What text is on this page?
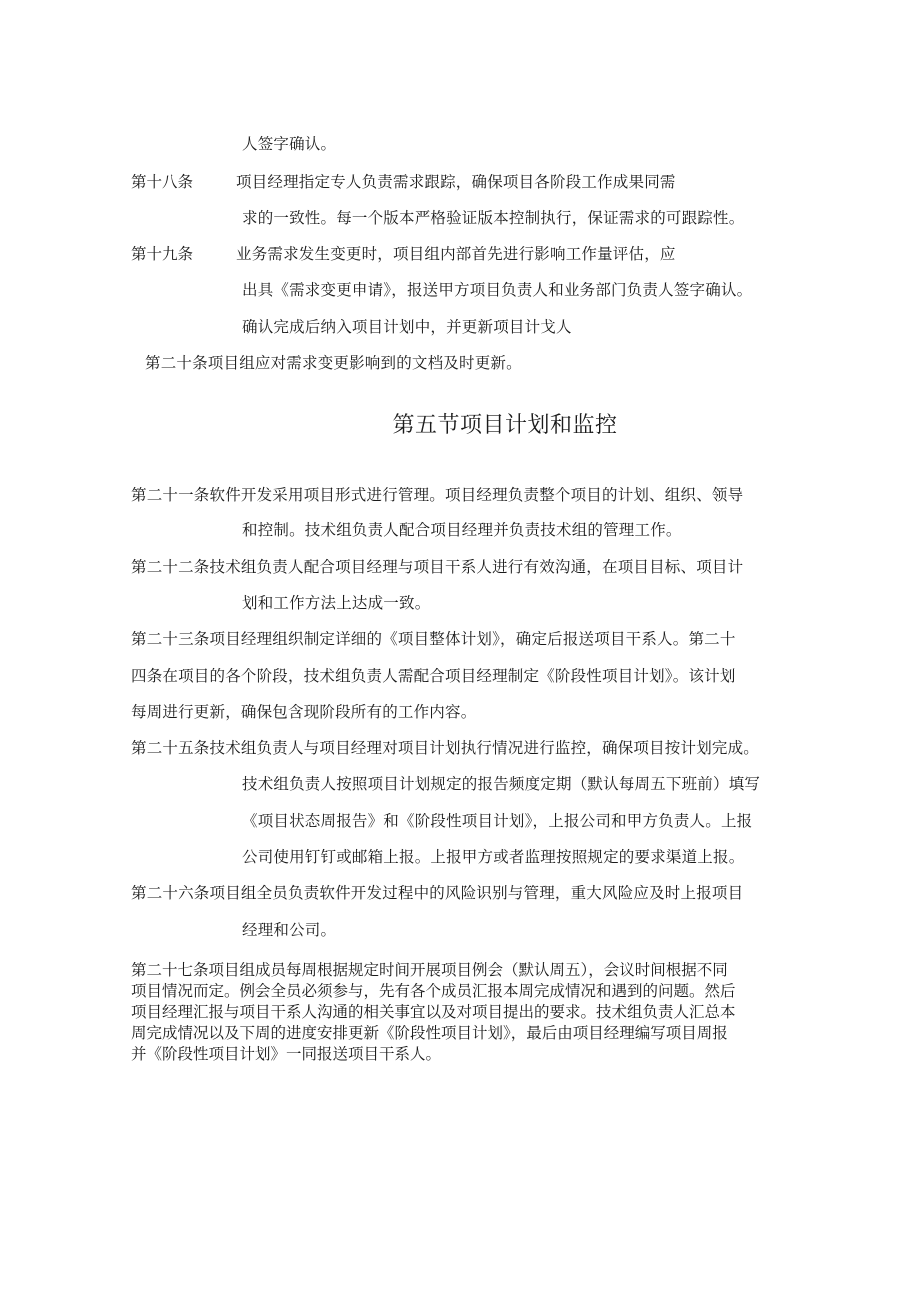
人签字确认。
第十八条	项目经理指定专人负责需求跟踪，确保项目各阶段工作成果同需
求的一致性。每一个版本严格验证版本控制执行，保证需求的可跟踪性。
第十九条	业务需求发生变更时，项目组内部首先进行影响工作量评估，应
出具《需求变更申请》，报送甲方项目负责人和业务部门负责人签字确认。
确认完成后纳入项目计划中，并更新项目计戈人
第二十条项目组应对需求变更影响到的文档及时更新。
第五节项目计划和监控
第二十一条软件开发采用项目形式进行管理。项目经理负责整个项目的计划、组织、领导
和控制。技术组负责人配合项目经理并负责技术组的管理工作。
第二十二条技术组负责人配合项目经理与项目干系人进行有效沟通，在项目目标、项目计
划和工作方法上达成一致。
第二十三条项目经理组织制定详细的《项目整体计划》，确定后报送项目干系人。第二十
四条在项目的各个阶段，技术组负责人需配合项目经理制定《阶段性项目计划》。该计划
每周进行更新，确保包含现阶段所有的工作内容。
第二十五条技术组负责人与项目经理对项目计划执行情况进行监控，确保项目按计划完成。
技术组负责人按照项目计划规定的报告频度定期（默认每周五下班前）填写
《项目状态周报告》和《阶段性项目计划》，上报公司和甲方负责人。上报
公司使用钉钉或邮箱上报。上报甲方或者监理按照规定的要求渠道上报。
第二十六条项目组全员负责软件开发过程中的风险识别与管理，重大风险应及时上报项目
经理和公司。
第二十七条项目组成员每周根据规定时间开展项目例会（默认周五），会议时间根据不同
项目情况而定。例会全员必须参与，先有各个成员汇报本周完成情况和遇到的问题。然后
项目经理汇报与项目干系人沟通的相关事宜以及对项目提出的要求。技术组负责人汇总本
周完成情况以及下周的进度安排更新《阶段性项目计划》，最后由项目经理编写项目周报
并《阶段性项目计划》一同报送项目干系人。
